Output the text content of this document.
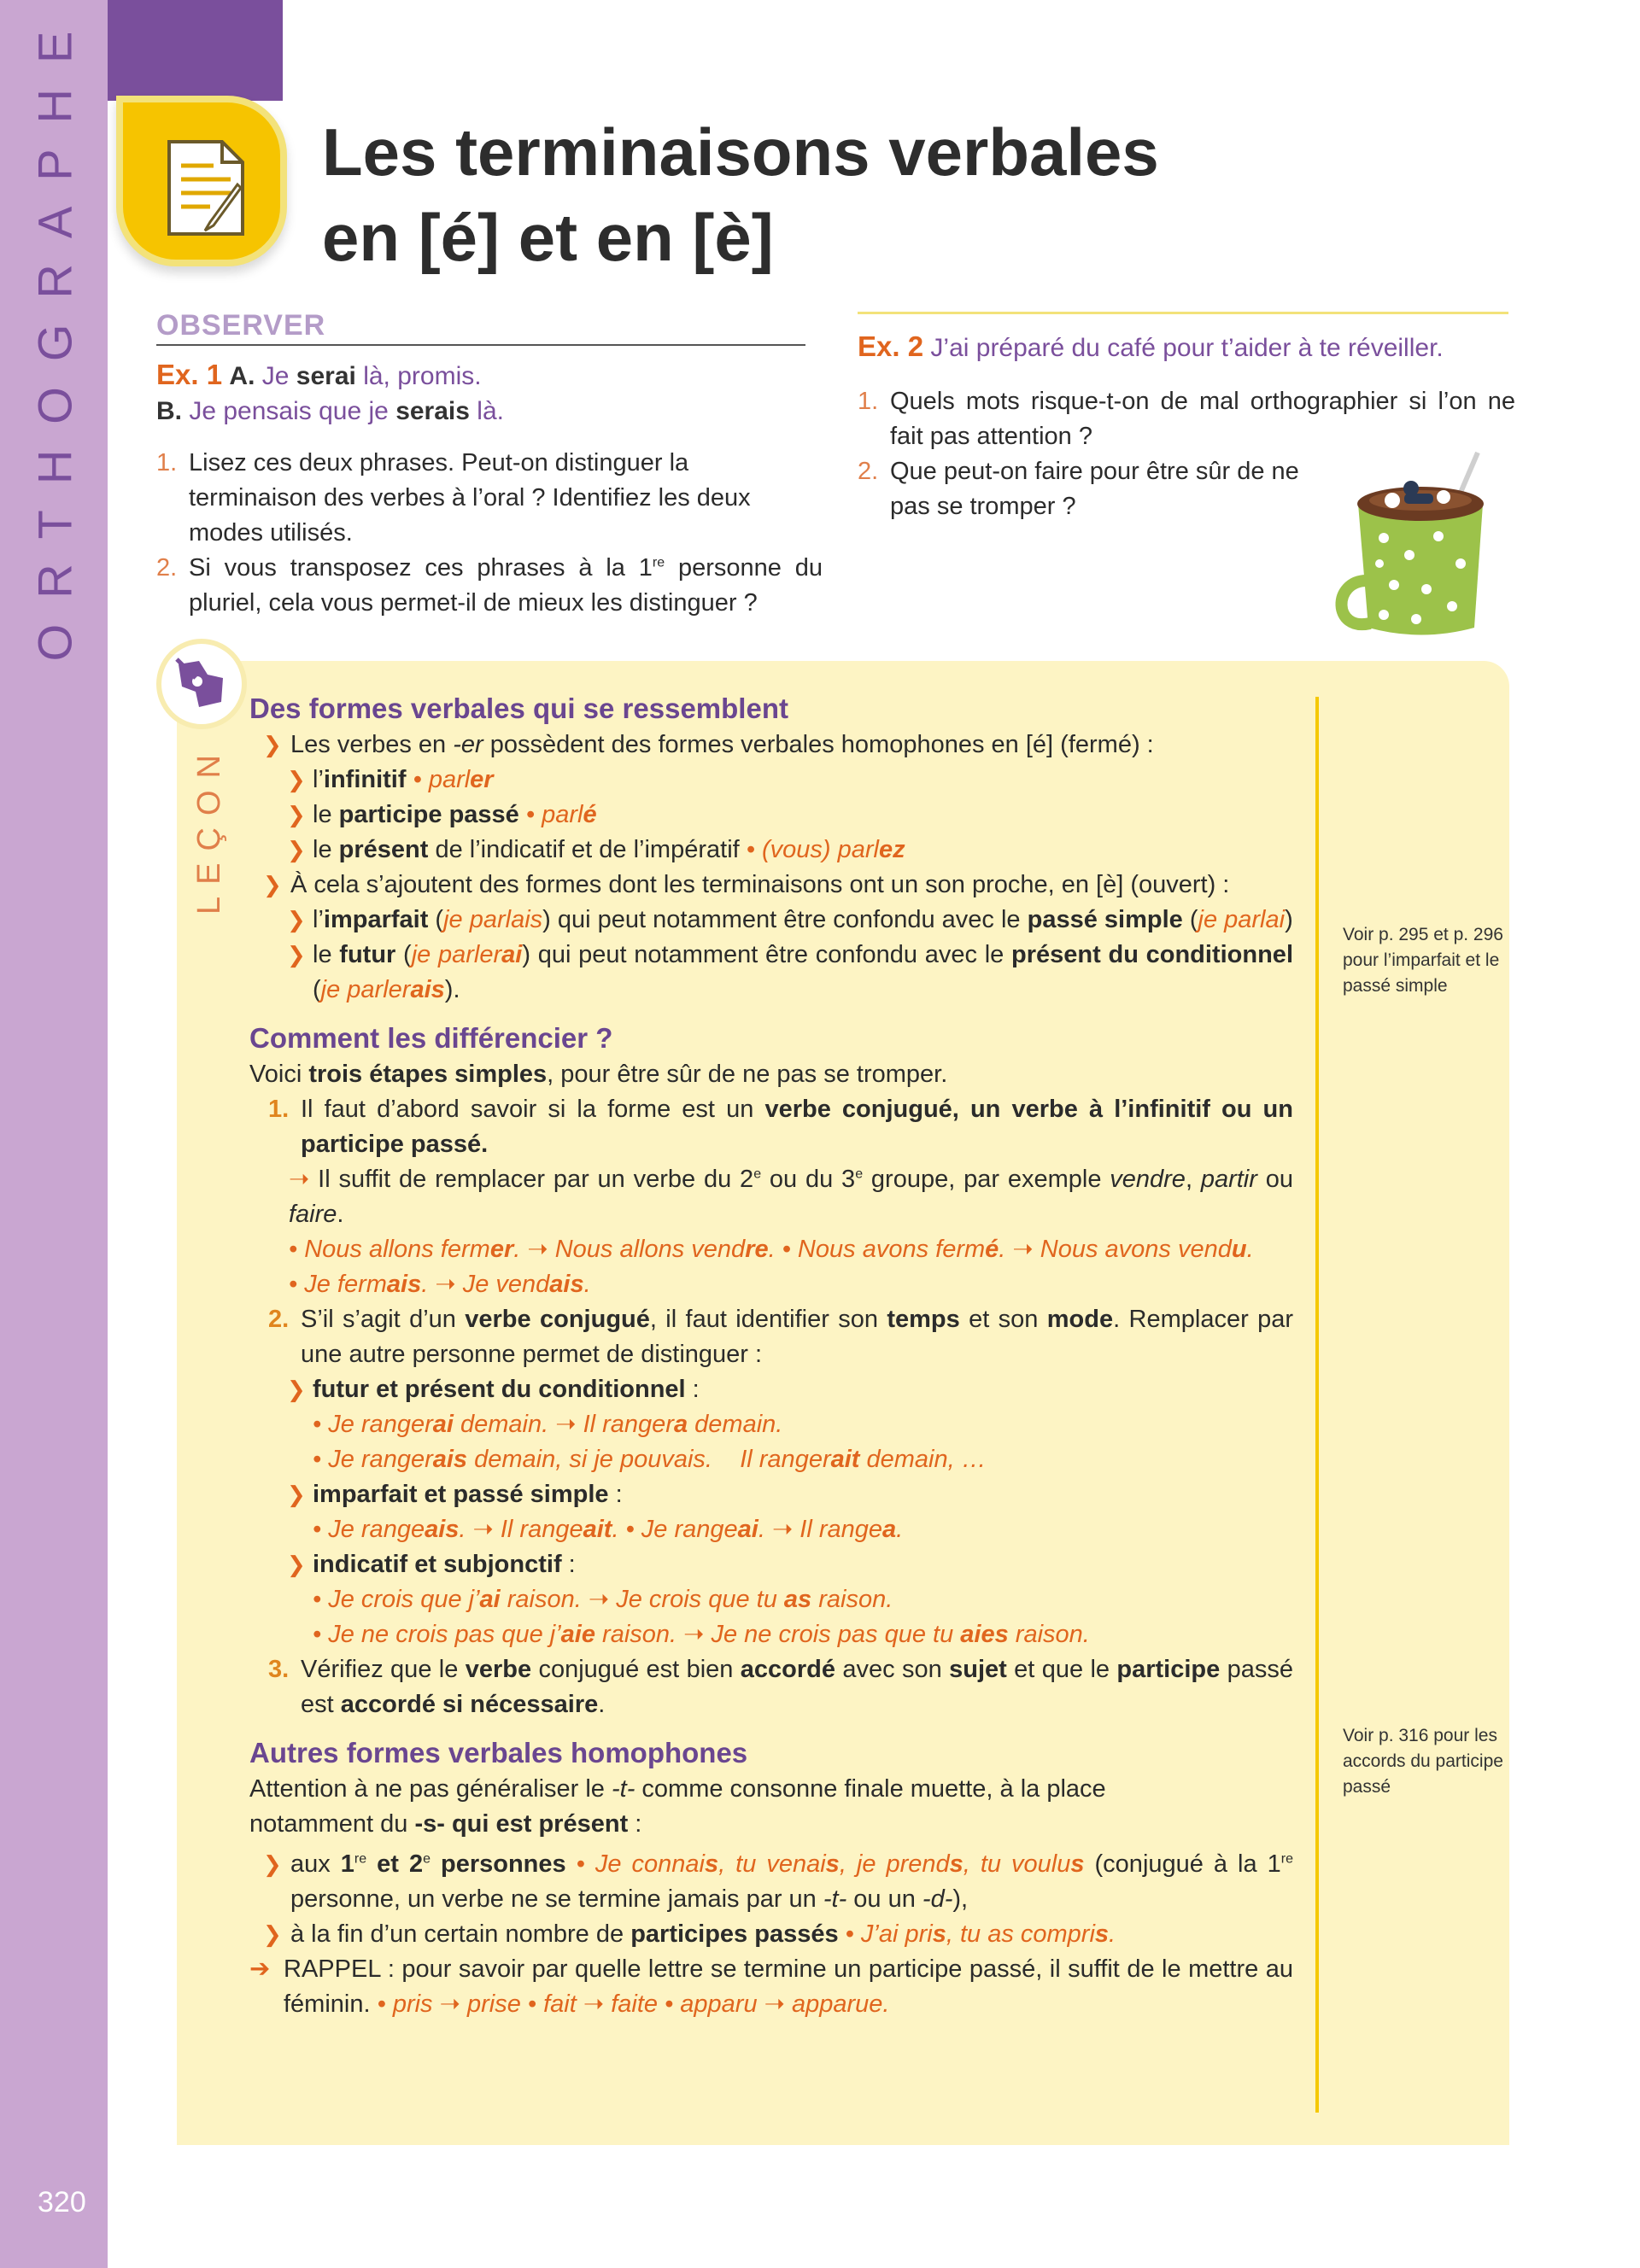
ORTHOGRAPHE
320
Les terminaisons verbales
en [é] et en [è]
OBSERVER
Ex. 1 A. Je serai là, promis.
B. Je pensais que je serais là.
1. Lisez ces deux phrases. Peut-on distinguer la terminaison des verbes à l’oral ? Identifiez les deux modes utilisés.
2. Si vous transposez ces phrases à la 1re personne du pluriel, cela vous permet-il de mieux les distinguer ?
Ex. 2 J’ai préparé du café pour t’aider à te réveiller.
1. Quels mots risque-t-on de mal orthographier si l’on ne fait pas attention ?
2. Que peut-on faire pour être sûr de ne pas se tromper ?
LEÇON
Voir p. 295 et p. 296 pour l’imparfait et le passé simple
Voir p. 316 pour les accords du participe passé
Des formes verbales qui se ressemblent
❯ Les verbes en -er possèdent des formes verbales homophones en [é] (fermé) :
❯ l’infinitif • parler
❯ le participe passé • parlé
❯ le présent de l’indicatif et de l’impératif • (vous) parlez
❯ À cela s’ajoutent des formes dont les terminaisons ont un son proche, en [è] (ouvert) :
❯ l’imparfait (je parlais) qui peut notamment être confondu avec le passé simple (je parlai)
❯ le futur (je parlerai) qui peut notamment être confondu avec le présent du conditionnel (je parlerais).
Comment les différencier ?
Voici trois étapes simples, pour être sûr de ne pas se tromper.
1. Il faut d’abord savoir si la forme est un verbe conjugué, un verbe à l’infinitif ou un participe passé.
➝ Il suffit de remplacer par un verbe du 2e ou du 3e groupe, par exemple vendre, partir ou faire.
• Nous allons fermer. ➝ Nous allons vendre. • Nous avons fermé. ➝ Nous avons vendu.
• Je fermais. ➝ Je vendais.
2. S’il s’agit d’un verbe conjugué, il faut identifier son temps et son mode. Remplacer par une autre personne permet de distinguer :
❯ futur et présent du conditionnel :
• Je rangerai demain. ➝ Il rangera demain.
• Je rangerais demain, si je pouvais.    Il rangerait demain, …
❯ imparfait et passé simple :
• Je rangeais. ➝ Il rangeait. • Je rangeai. ➝ Il rangea.
❯ indicatif et subjonctif :
• Je crois que j’ai raison. ➝ Je crois que tu as raison.
• Je ne crois pas que j’aie raison. ➝ Je ne crois pas que tu aies raison.
3. Vérifiez que le verbe conjugué est bien accordé avec son sujet et que le participe passé est accordé si nécessaire.
Autres formes verbales homophones
Attention à ne pas généraliser le -t- comme consonne finale muette, à la place notamment du -s- qui est présent :
❯ aux 1re et 2e personnes • Je connais, tu venais, je prends, tu voulus (conjugué à la 1re personne, un verbe ne se termine jamais par un -t- ou un -d-),
❯ à la fin d’un certain nombre de participes passés • J’ai pris, tu as compris.
➔ RAPPEL : pour savoir par quelle lettre se termine un participe passé, il suffit de le mettre au féminin. • pris ➝ prise • fait ➝ faite • apparu ➝ apparue.
